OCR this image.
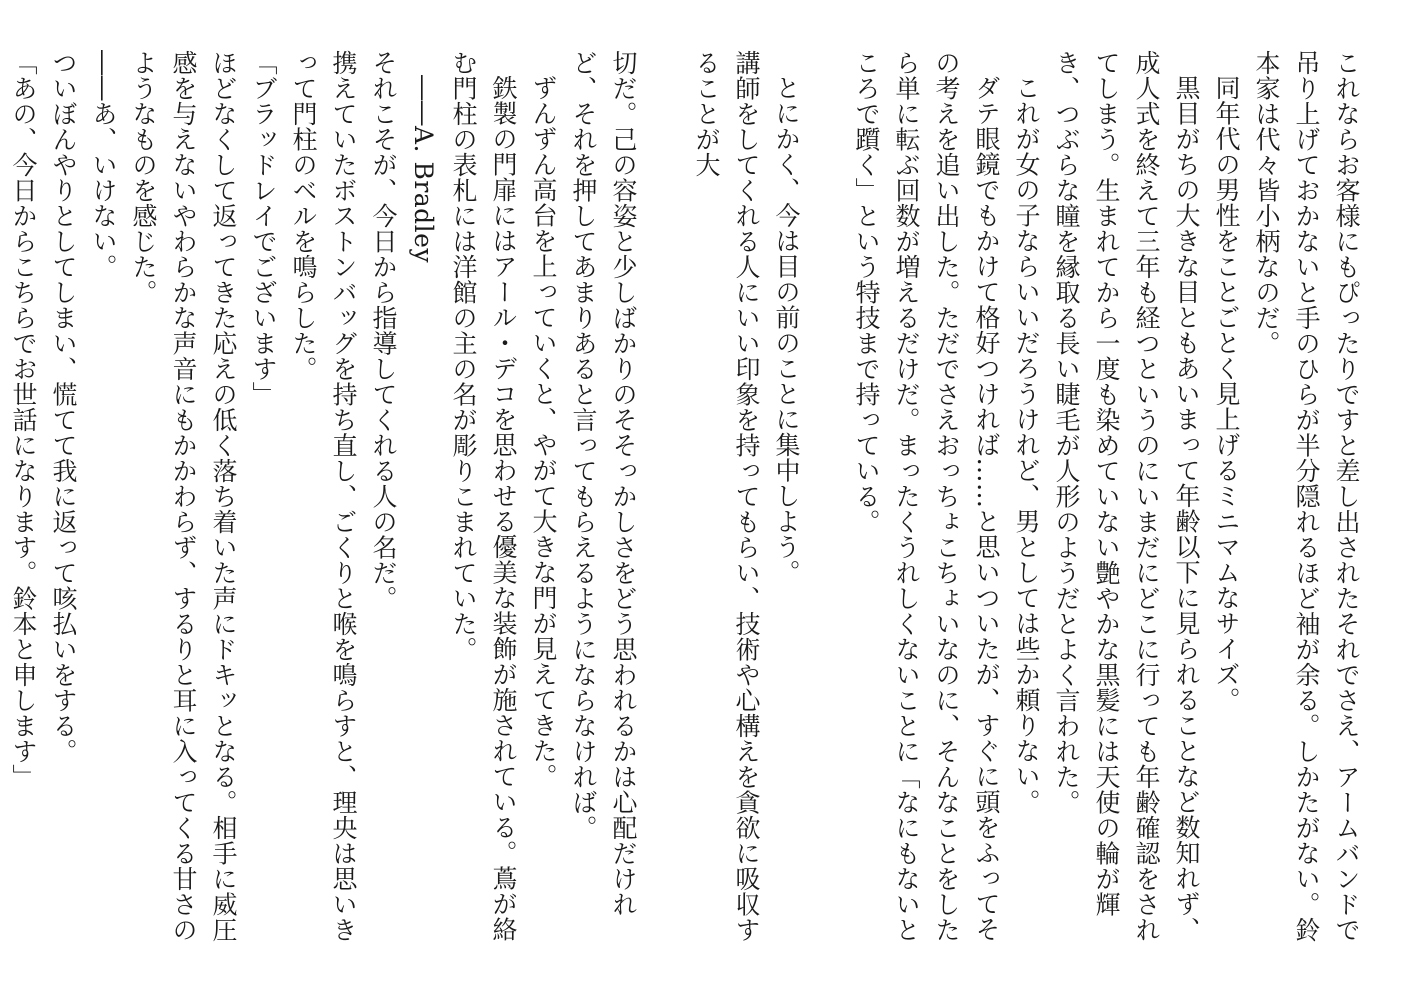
これならお客様にもぴったりですと差し出されたそれでさえ、アームバンドで吊り上げておかないと手のひらが半分隠れるほど袖が余る。しかたがない。鈴本家は代々皆小柄なのだ。

同年代の男性をことごとく見上げるミニマムなサイズ。

黒目がちの大きな目ともあいまって年齢以下に見られることなど数知れず、成人式を終えて三年も経つというのにいまだにどこに行っても年齢確認をされてしまう。生まれてから一度も染めていない艶やかな黒髪には天使の輪が輝き、つぶらな瞳を縁取る長い睫毛が人形のようだとよく言われた。

これが女の子ならいいだろうけれど、男としては些か頼りない。

ダテ眼鏡でもかけて格好つければ……と思いついたが、すぐに頭をふってその考えを追い出した。ただでさえおっちょこちょいなのに、そんなことをしたら単に転ぶ回数が増えるだけだ。まったくうれしくないことに「なにもないところで躓く」という特技まで持っている。

とにかく、今は目の前のことに集中しよう。

講師をしてくれる人にいい印象を持ってもらい、技術や心構えを貪欲に吸収することが大

切だ。己の容姿と少しばかりのそそっかしさをどう思われるかは心配だけれど、それを押してあまりあると言ってもらえるようにならなければ。

ずんずん高台を上っていくと、やがて大きな門が見えてきた。

鉄製の門扉にはアール・デコを思わせる優美な装飾が施されている。蔦が絡む門柱の表札には洋館の主の名が彫りこまれていた。

――A. Bradley

それこそが、今日から指導してくれる人の名だ。

携えていたボストンバッグを持ち直し、ごくりと喉を鳴らすと、理央は思いきって門柱のベルを鳴らした。

「ブラッドレイでございます」

ほどなくして返ってきた応えの低く落ち着いた声にドキッとなる。相手に威圧感を与えないやわらかな声音にもかかわらず、するりと耳に入ってくる甘さのようなものを感じた。

――あ、いけない。

ついぼんやりとしてしまい、慌てて我に返って咳払いをする。

「あの、今日からこちらでお世話になります。鈴本と申します」
